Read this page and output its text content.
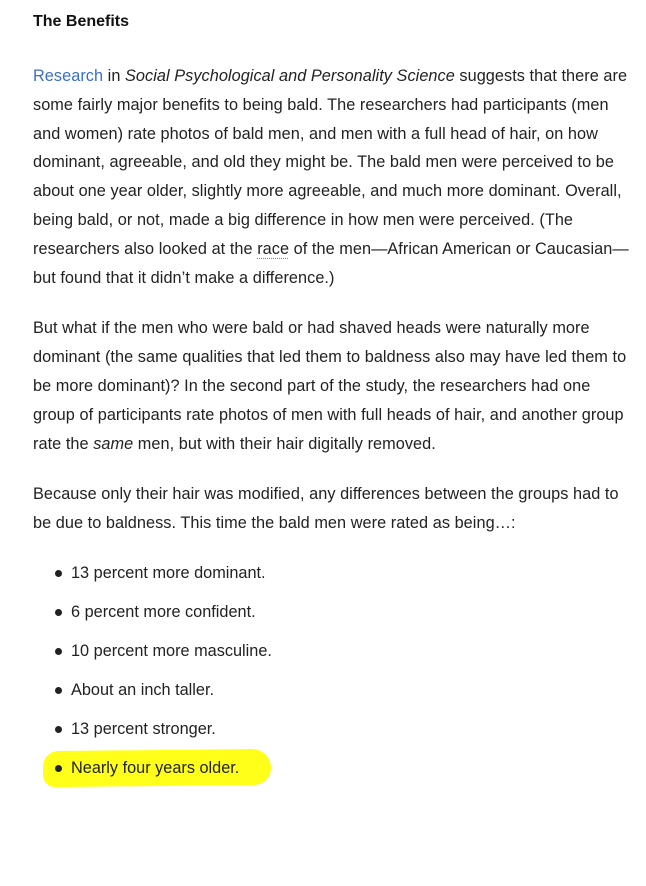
The Benefits

Research in Social Psychological and Personality Science suggests that there are some fairly major benefits to being bald. The researchers had participants (men and women) rate photos of bald men, and men with a full head of hair, on how dominant, agreeable, and old they might be. The bald men were perceived to be about one year older, slightly more agreeable, and much more dominant. Overall, being bald, or not, made a big difference in how men were perceived. (The researchers also looked at the race of the men—African American or Caucasian—but found that it didn’t make a difference.)

But what if the men who were bald or had shaved heads were naturally more dominant (the same qualities that led them to baldness also may have led them to be more dominant)? In the second part of the study, the researchers had one group of participants rate photos of men with full heads of hair, and another group rate the same men, but with their hair digitally removed.

Because only their hair was modified, any differences between the groups had to be due to baldness. This time the bald men were rated as being…:

13 percent more dominant.
6 percent more confident.
10 percent more masculine.
About an inch taller.
13 percent stronger.
Nearly four years older.
